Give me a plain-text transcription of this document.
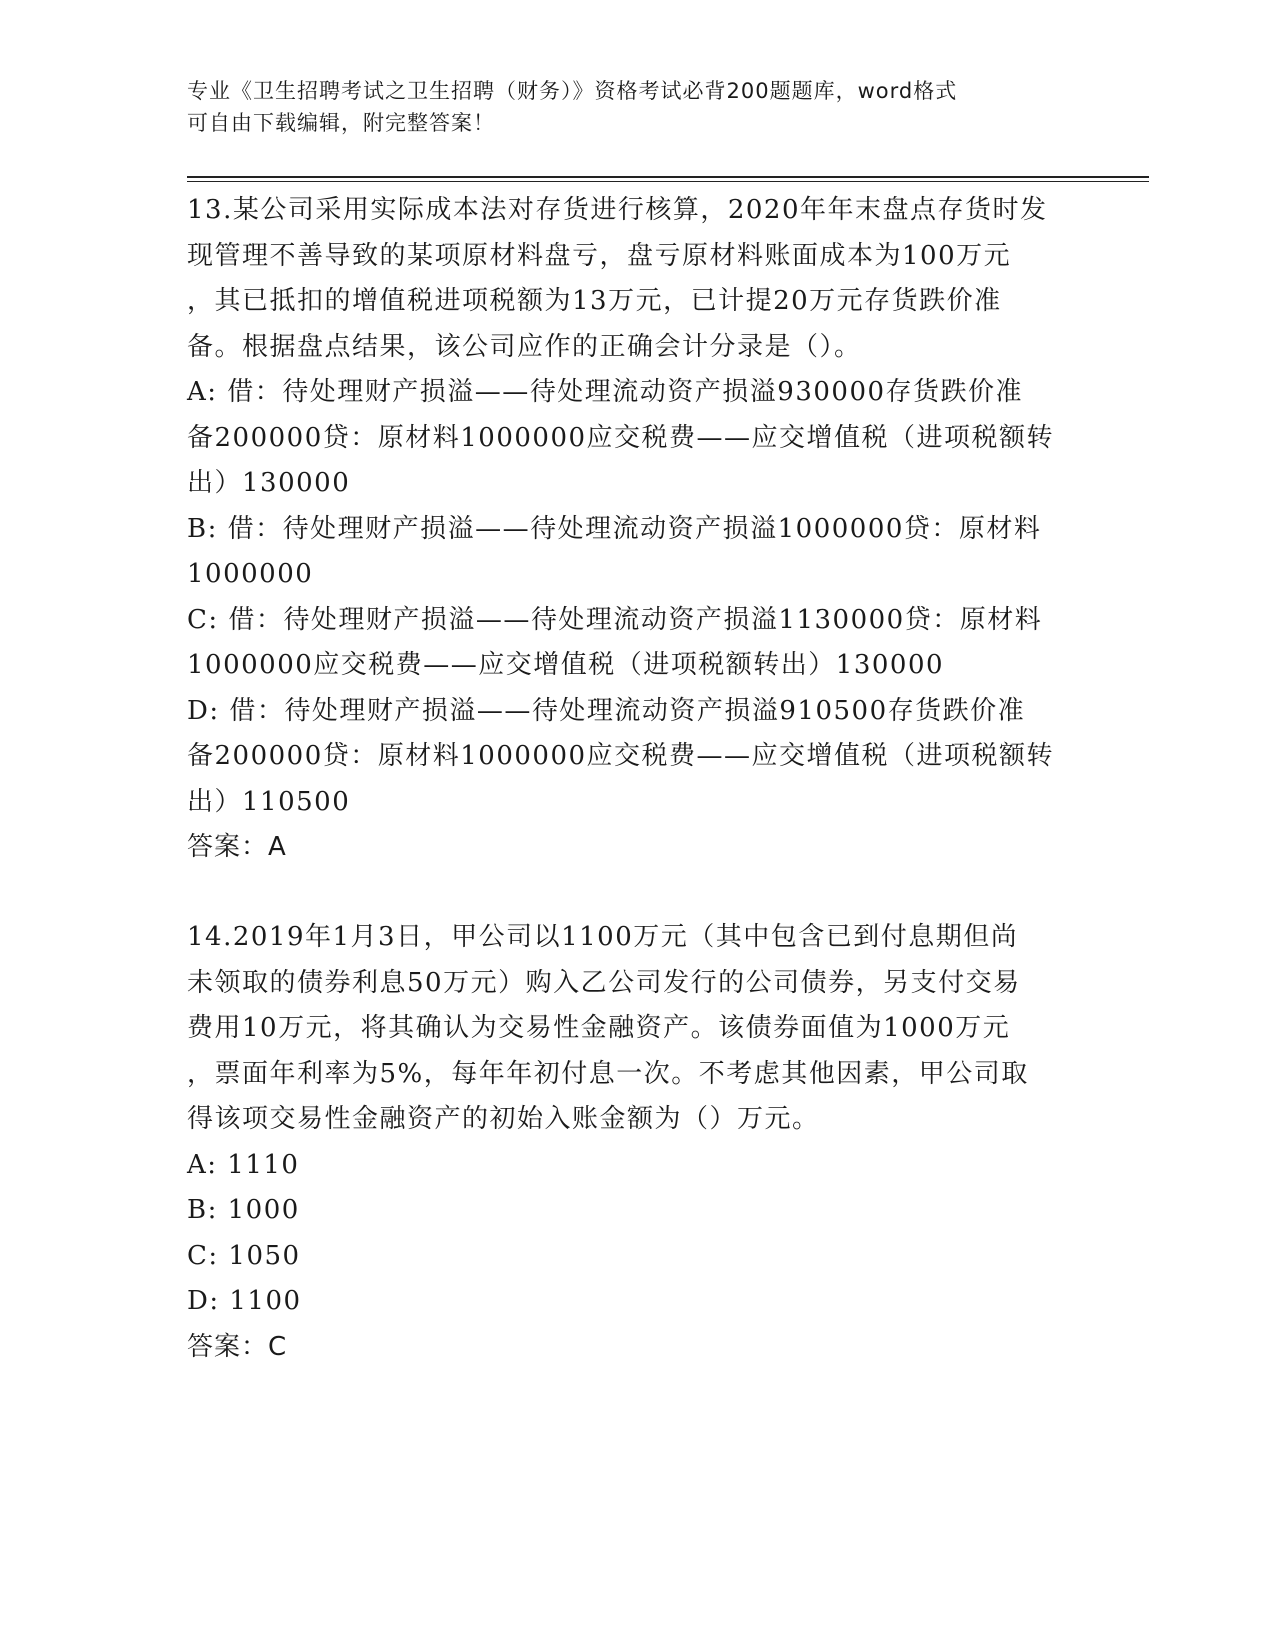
专业《卫生招聘考试之卫生招聘（财务）》资格考试必背200题题库，word格式
可自由下载编辑，附完整答案！

13.某公司采用实际成本法对存货进行核算，2020年年末盘点存货时发

现管理不善导致的某项原材料盘亏，盘亏原材料账面成本为100万元

，其已抵扣的增值税进项税额为13万元，已计提20万元存货跌价准

备。根据盘点结果，该公司应作的正确会计分录是（）。

A: 借：待处理财产损溢——待处理流动资产损溢930000存货跌价准

备200000贷：原材料1000000应交税费——应交增值税（进项税额转

出）130000

B: 借：待处理财产损溢——待处理流动资产损溢1000000贷：原材料

1000000

C: 借：待处理财产损溢——待处理流动资产损溢1130000贷：原材料

1000000应交税费——应交增值税（进项税额转出）130000

D: 借：待处理财产损溢——待处理流动资产损溢910500存货跌价准

备200000贷：原材料1000000应交税费——应交增值税（进项税额转

出）110500

答案：A

14.2019年1月3日，甲公司以1100万元（其中包含已到付息期但尚

未领取的债券利息50万元）购入乙公司发行的公司债券，另支付交易

费用10万元，将其确认为交易性金融资产。该债券面值为1000万元

，票面年利率为5%，每年年初付息一次。不考虑其他因素，甲公司取

得该项交易性金融资产的初始入账金额为（）万元。

A: 1110

B: 1000

C: 1050

D: 1100

答案：C
